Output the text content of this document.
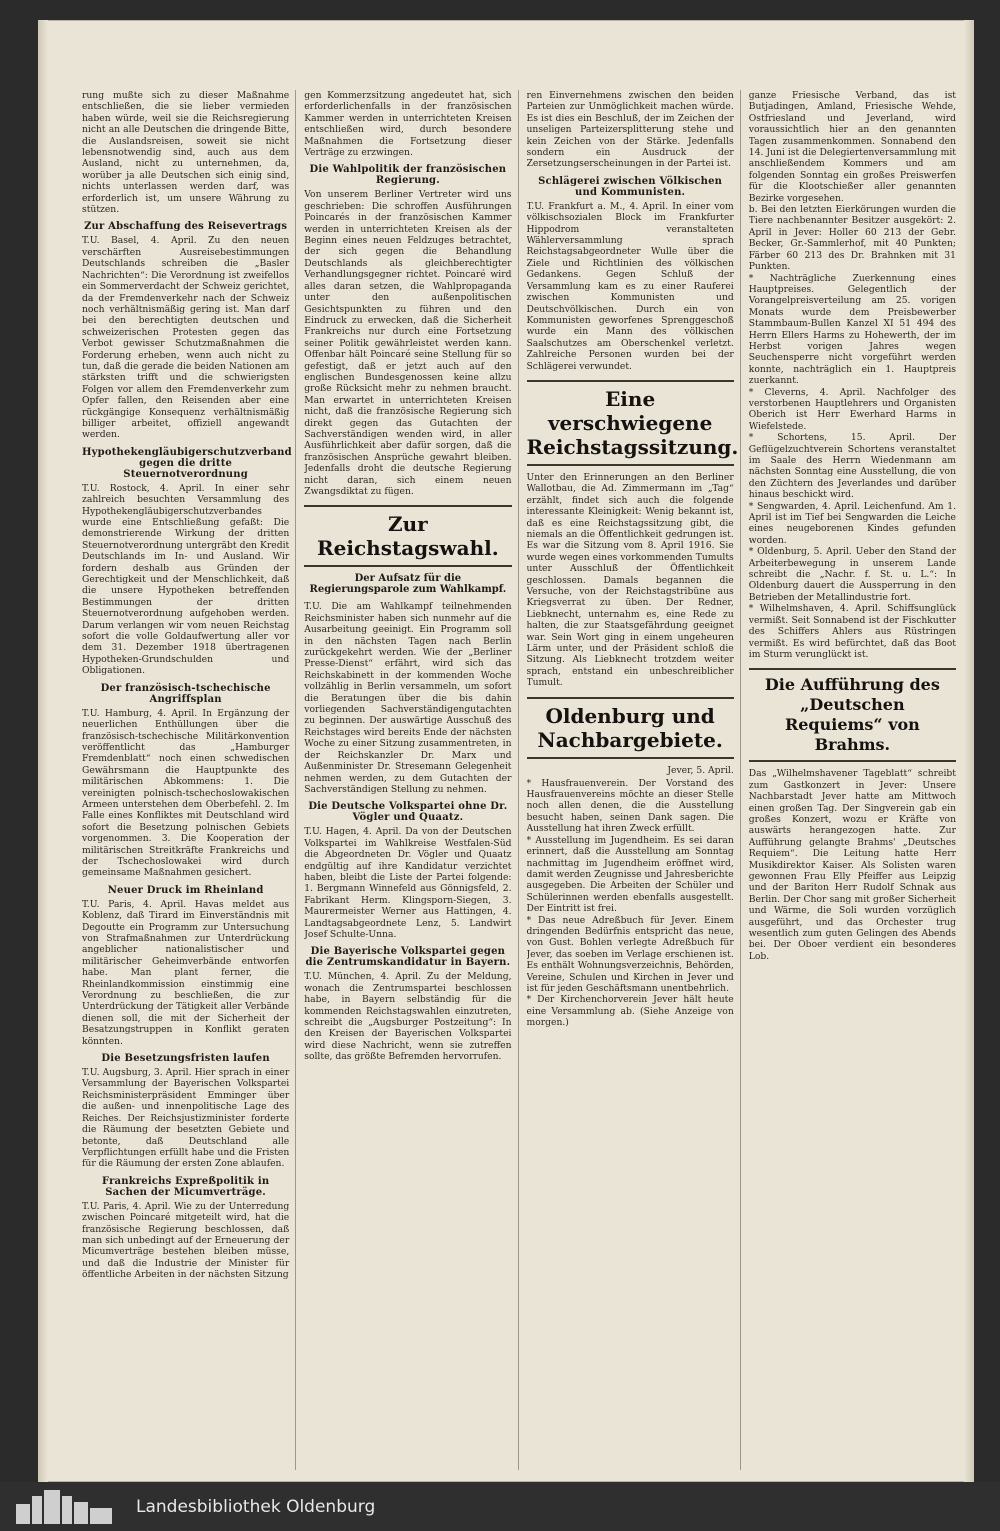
rung mußte sich zu dieser Maßnahme entschließen, die sie lieber vermieden haben würde, weil sie die Reichsregierung nicht an alle Deutschen die dringende Bitte, die Auslandsreisen, soweit sie nicht lebensnotwendig sind, auch aus dem Ausland, nicht zu unternehmen, da, worüber ja alle Deutschen sich einig sind, nichts unterlassen werden darf, was erforderlich ist, um unsere Währung zu stützen.

Zur Abschaffung des Reisevertrags

T.U. Basel, 4. April. Zu den neuen verschärften Ausreisebestimmungen Deutschlands schreiben die „Basler Nachrichten“: Die Verordnung ist zweifellos ein Sommerverdacht der Schweiz gerichtet, da der Fremdenverkehr nach der Schweiz noch verhältnismäßig gering ist. Man darf bei den berechtigten deutschen und schweizerischen Protesten gegen das Verbot gewisser Schutzmaßnahmen die Forderung erheben, wenn auch nicht zu tun, daß die gerade die beiden Nationen am stärksten trifft und die schwierigsten Folgen vor allem den Fremdenverkehr zum Opfer fallen, den Reisenden aber eine rückgängige Konsequenz verhältnismäßig billiger arbeitet, offiziell angewandt werden.

Hypothekengläubigerschutzverband gegen die dritte Steuernotverordnung

T.U. Rostock, 4. April. In einer sehr zahlreich besuchten Versammlung des Hypothekengläubigerschutzverbandes wurde eine Entschließung gefaßt: Die demonstrierende Wirkung der dritten Steuernotverordnung untergräbt den Kredit Deutschlands im In- und Ausland. Wir fordern deshalb aus Gründen der Gerechtigkeit und der Menschlichkeit, daß die unsere Hypotheken betreffenden Bestimmungen der dritten Steuernotverordnung aufgehoben werden. Darum verlangen wir vom neuen Reichstag sofort die volle Goldaufwertung aller vor dem 31. Dezember 1918 übertragenen Hypotheken-Grundschulden und Obligationen.

Der französisch-tschechische Angriffsplan

T.U. Hamburg, 4. April. In Ergänzung der neuerlichen Enthüllungen über die französisch-tschechische Militärkonvention veröffentlicht das „Hamburger Fremdenblatt“ noch einen schwedischen Gewährsmann die Hauptpunkte des militärischen Abkommens: 1. Die vereinigten polnisch-tschechoslowakischen Armeen unterstehen dem Oberbefehl. 2. Im Falle eines Konfliktes mit Deutschland wird sofort die Besetzung polnischen Gebiets vorgenommen. 3. Die Kooperation der militärischen Streitkräfte Frankreichs und der Tschechoslowakei wird durch gemeinsame Maßnahmen gesichert.

Neuer Druck im Rheinland

T.U. Paris, 4. April. Havas meldet aus Koblenz, daß Tirard im Einverständnis mit Degoutte ein Programm zur Untersuchung von Strafmaßnahmen zur Unterdrückung angeblicher nationalistischer und militärischer Geheimverbände entworfen habe. Man plant ferner, die Rheinlandkommission einstimmig eine Verordnung zu beschließen, die zur Unterdrückung der Tätigkeit aller Verbände dienen soll, die mit der Sicherheit der Besatzungstruppen in Konflikt geraten könnten.

Die Besetzungsfristen laufen

T.U. Augsburg, 3. April. Hier sprach in einer Versammlung der Bayerischen Volkspartei Reichsministerpräsident Emminger über die außen- und innenpolitische Lage des Reiches. Der Reichsjustizminister forderte die Räumung der besetzten Gebiete und betonte, daß Deutschland alle Verpflichtungen erfüllt habe und die Fristen für die Räumung der ersten Zone ablaufen.

Frankreichs Expreßpolitik in Sachen der Micumverträge.

T.U. Paris, 4. April. Wie zu der Unterredung zwischen Poincaré mitgeteilt wird, hat die französische Regierung beschlossen, daß man sich unbedingt auf der Erneuerung der Micumverträge bestehen bleiben müsse, und daß die Industrie der Minister für öffentliche Arbeiten in der nächsten Sitzung

gen Kommerzsitzung angedeutet hat, sich erforderlichenfalls in der französischen Kammer werden in unterrichteten Kreisen entschließen wird, durch besondere Maßnahmen die Fortsetzung dieser Verträge zu erzwingen.

Die Wahlpolitik der französischen Regierung.

Von unserem Berliner Vertreter wird uns geschrieben: Die schroffen Ausführungen Poincarés in der französischen Kammer werden in unterrichteten Kreisen als der Beginn eines neuen Feldzuges betrachtet, der sich gegen die Behandlung Deutschlands als gleichberechtigter Verhandlungsgegner richtet. Poincaré wird alles daran setzen, die Wahlpropaganda unter den außenpolitischen Gesichtspunkten zu führen und den Eindruck zu erwecken, daß die Sicherheit Frankreichs nur durch eine Fortsetzung seiner Politik gewährleistet werden kann. Offenbar hält Poincaré seine Stellung für so gefestigt, daß er jetzt auch auf den englischen Bundesgenossen keine allzu große Rücksicht mehr zu nehmen braucht. Man erwartet in unterrichteten Kreisen nicht, daß die französische Regierung sich direkt gegen das Gutachten der Sachverständigen wenden wird, in aller Ausführlichkeit aber dafür sorgen, daß die französischen Ansprüche gewahrt bleiben. Jedenfalls droht die deutsche Regierung nicht daran, sich einem neuen Zwangsdiktat zu fügen.

Zur Reichstagswahl.
Der Aufsatz für die Regierungsparole zum Wahlkampf.

T.U. Die am Wahlkampf teilnehmenden Reichsminister haben sich nunmehr auf die Ausarbeitung geeinigt. Ein Programm soll in den nächsten Tagen nach Berlin zurückgekehrt werden. Wie der „Berliner Presse-Dienst“ erfährt, wird sich das Reichskabinett in der kommenden Woche vollzählig in Berlin versammeln, um sofort die Beratungen über die bis dahin vorliegenden Sachverständigengutachten zu beginnen. Der auswärtige Ausschuß des Reichstages wird bereits Ende der nächsten Woche zu einer Sitzung zusammentreten, in der Reichskanzler Dr. Marx und Außenminister Dr. Stresemann Gelegenheit nehmen werden, zu dem Gutachten der Sachverständigen Stellung zu nehmen.

Die Deutsche Volkspartei ohne Dr. Vögler und Quaatz.

T.U. Hagen, 4. April. Da von der Deutschen Volkspartei im Wahlkreise Westfalen-Süd die Abgeordneten Dr. Vögler und Quaatz endgültig auf ihre Kandidatur verzichtet haben, bleibt die Liste der Partei folgende: 1. Bergmann Winnefeld aus Gönnigsfeld, 2. Fabrikant Herm. Klingsporn-Siegen, 3. Maurermeister Werner aus Hattingen, 4. Landtagsabgeordnete Lenz, 5. Landwirt Josef Schulte-Unna.

Die Bayerische Volkspartei gegen die Zentrumskandidatur in Bayern.

T.U. München, 4. April. Zu der Meldung, wonach die Zentrumspartei beschlossen habe, in Bayern selbständig für die kommenden Reichstagswahlen einzutreten, schreibt die „Augsburger Postzeitung“: In den Kreisen der Bayerischen Volkspartei wird diese Nachricht, wenn sie zutreffen sollte, das größte Befremden hervorrufen.

ren Einvernehmens zwischen den beiden Parteien zur Unmöglichkeit machen würde. Es ist dies ein Beschluß, der im Zeichen der unseligen Parteizersplitterung stehe und kein Zeichen von der Stärke. Jedenfalls sondern ein Ausdruck der Zersetzungserscheinungen in der Partei ist.

Schlägerei zwischen Völkischen und Kommunisten.

T.U. Frankfurt a. M., 4. April. In einer vom völkischsozialen Block im Frankfurter Hippodrom veranstalteten Wählerversammlung sprach Reichstagsabgeordneter Wulle über die Ziele und Richtlinien des völkischen Gedankens. Gegen Schluß der Versammlung kam es zu einer Rauferei zwischen Kommunisten und Deutschvölkischen. Durch ein von Kommunisten geworfenes Sprenggeschoß wurde ein Mann des völkischen Saalschutzes am Oberschenkel verletzt. Zahlreiche Personen wurden bei der Schlägerei verwundet.

Eine verschwiegene Reichstagssitzung.

Unter den Erinnerungen an den Berliner Wallotbau, die Ad. Zimmermann im „Tag“ erzählt, findet sich auch die folgende interessante Kleinigkeit: Wenig bekannt ist, daß es eine Reichstagssitzung gibt, die niemals an die Öffentlichkeit gedrungen ist. Es war die Sitzung vom 8. April 1916. Sie wurde wegen eines vorkommenden Tumults unter Ausschluß der Öffentlichkeit geschlossen. Damals begannen die Versuche, von der Reichstagstribüne aus Kriegsverrat zu üben. Der Redner, Liebknecht, unternahm es, eine Rede zu halten, die zur Staatsgefährdung geeignet war. Sein Wort ging in einem ungeheuren Lärm unter, und der Präsident schloß die Sitzung. Als Liebknecht trotzdem weiter sprach, entstand ein unbeschreiblicher Tumult.

Oldenburg und Nachbargebiete.
Jever, 5. April.

* Hausfrauenverein. Der Vorstand des Hausfrauenvereins möchte an dieser Stelle noch allen denen, die die Ausstellung besucht haben, seinen Dank sagen. Die Ausstellung hat ihren Zweck erfüllt.

* Ausstellung im Jugendheim. Es sei daran erinnert, daß die Ausstellung am Sonntag nachmittag im Jugendheim eröffnet wird, damit werden Zeugnisse und Jahresberichte ausgegeben. Die Arbeiten der Schüler und Schülerinnen werden ebenfalls ausgestellt. Der Eintritt ist frei.

* Das neue Adreßbuch für Jever. Einem dringenden Bedürfnis entspricht das neue, von Gust. Bohlen verlegte Adreßbuch für Jever, das soeben im Verlage erschienen ist. Es enthält Wohnungsverzeichnis, Behörden, Vereine, Schulen und Kirchen in Jever und ist für jeden Geschäftsmann unentbehrlich.

* Der Kirchenchorverein Jever hält heute eine Versammlung ab. (Siehe Anzeige von morgen.)

ganze Friesische Verband, das ist Butjadingen, Amland, Friesische Wehde, Ostfriesland und Jeverland, wird voraussichtlich hier an den genannten Tagen zusammenkommen. Sonnabend den 14. Juni ist die Delegiertenversammlung mit anschließendem Kommers und am folgenden Sonntag ein großes Preiswerfen für die Klootschießer aller genannten Bezirke vorgesehen.

b. Bei den letzten Eierkörungen wurden die Tiere nachbenannter Besitzer ausgekört: 2. April in Jever: Holler 60 213 der Gebr. Becker, Gr.-Sammlerhof, mit 40 Punkten; Färber 60 213 des Dr. Brahnken mit 31 Punkten.

* Nachträgliche Zuerkennung eines Hauptpreises. Gelegentlich der Vorangelpreisverteilung am 25. vorigen Monats wurde dem Preisbewerber Stammbaum-Bullen Kanzel XI 51 494 des Herrn Ellers Harms zu Hohewerth, der im Herbst vorigen Jahres wegen Seuchensperre nicht vorgeführt werden konnte, nachträglich ein 1. Hauptpreis zuerkannt.

* Cleverns, 4. April. Nachfolger des verstorbenen Hauptlehrers und Organisten Oberich ist Herr Ewerhard Harms in Wiefelstede.

* Schortens, 15. April. Der Geflügelzuchtverein Schortens veranstaltet im Saale des Herrn Wiedenmann am nächsten Sonntag eine Ausstellung, die von den Züchtern des Jeverlandes und darüber hinaus beschickt wird.

* Sengwarden, 4. April. Leichenfund. Am 1. April ist im Tief bei Sengwarden die Leiche eines neugeborenen Kindes gefunden worden.

* Oldenburg, 5. April. Ueber den Stand der Arbeiterbewegung in unserem Lande schreibt die „Nachr. f. St. u. L.“: In Oldenburg dauert die Aussperrung in den Betrieben der Metallindustrie fort.

* Wilhelmshaven, 4. April. Schiffsunglück vermißt. Seit Sonnabend ist der Fischkutter des Schiffers Ahlers aus Rüstringen vermißt. Es wird befürchtet, daß das Boot im Sturm verunglückt ist.

Die Aufführung des „Deutschen Requiems“ von Brahms.

Das „Wilhelmshavener Tageblatt“ schreibt zum Gastkonzert in Jever: Unsere Nachbarstadt Jever hatte am Mittwoch einen großen Tag. Der Singverein gab ein großes Konzert, wozu er Kräfte von auswärts herangezogen hatte. Zur Aufführung gelangte Brahms' „Deutsches Requiem“. Die Leitung hatte Herr Musikdirektor Kaiser. Als Solisten waren gewonnen Frau Elly Pfeiffer aus Leipzig und der Bariton Herr Rudolf Schnak aus Berlin. Der Chor sang mit großer Sicherheit und Wärme, die Soli wurden vorzüglich ausgeführt, und das Orchester trug wesentlich zum guten Gelingen des Abends bei. Der Oboer verdient ein besonderes Lob.

Landesbibliothek Oldenburg
